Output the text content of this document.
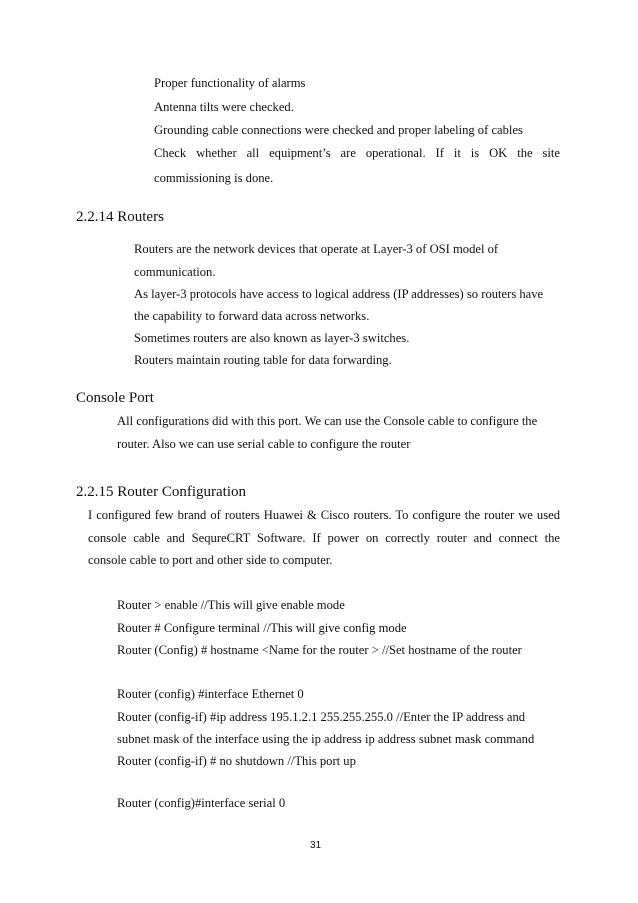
Proper functionality of alarms
Antenna tilts were checked.
Grounding cable connections were checked and proper labeling of cables
Check whether all equipment’s are operational. If it is OK the site
commissioning is done.
2.2.14 Routers
Routers are the network devices that operate at Layer-3 of OSI model of
communication.
As layer-3 protocols have access to logical address (IP addresses) so routers have
the capability to forward data across networks.
Sometimes routers are also known as layer-3 switches.
Routers maintain routing table for data forwarding.
Console Port
All configurations did with this port. We can use the Console cable to configure the
router. Also we can use serial cable to configure the router
2.2.15 Router Configuration
I configured few brand of routers Huawei & Cisco routers. To configure the router we used
console cable and SequreCRT Software. If power on correctly router and connect the
console cable to port and other side to computer.
Router > enable //This will give enable mode
Router # Configure terminal //This will give config mode
Router (Config) # hostname <Name for the router > //Set hostname of the router
Router (config) #interface Ethernet 0
Router (config-if) #ip address 195.1.2.1 255.255.255.0 //Enter the IP address and
subnet mask of the interface using the ip address ip address subnet mask command
Router (config-if) # no shutdown //This port up
Router (config)#interface serial 0
31
